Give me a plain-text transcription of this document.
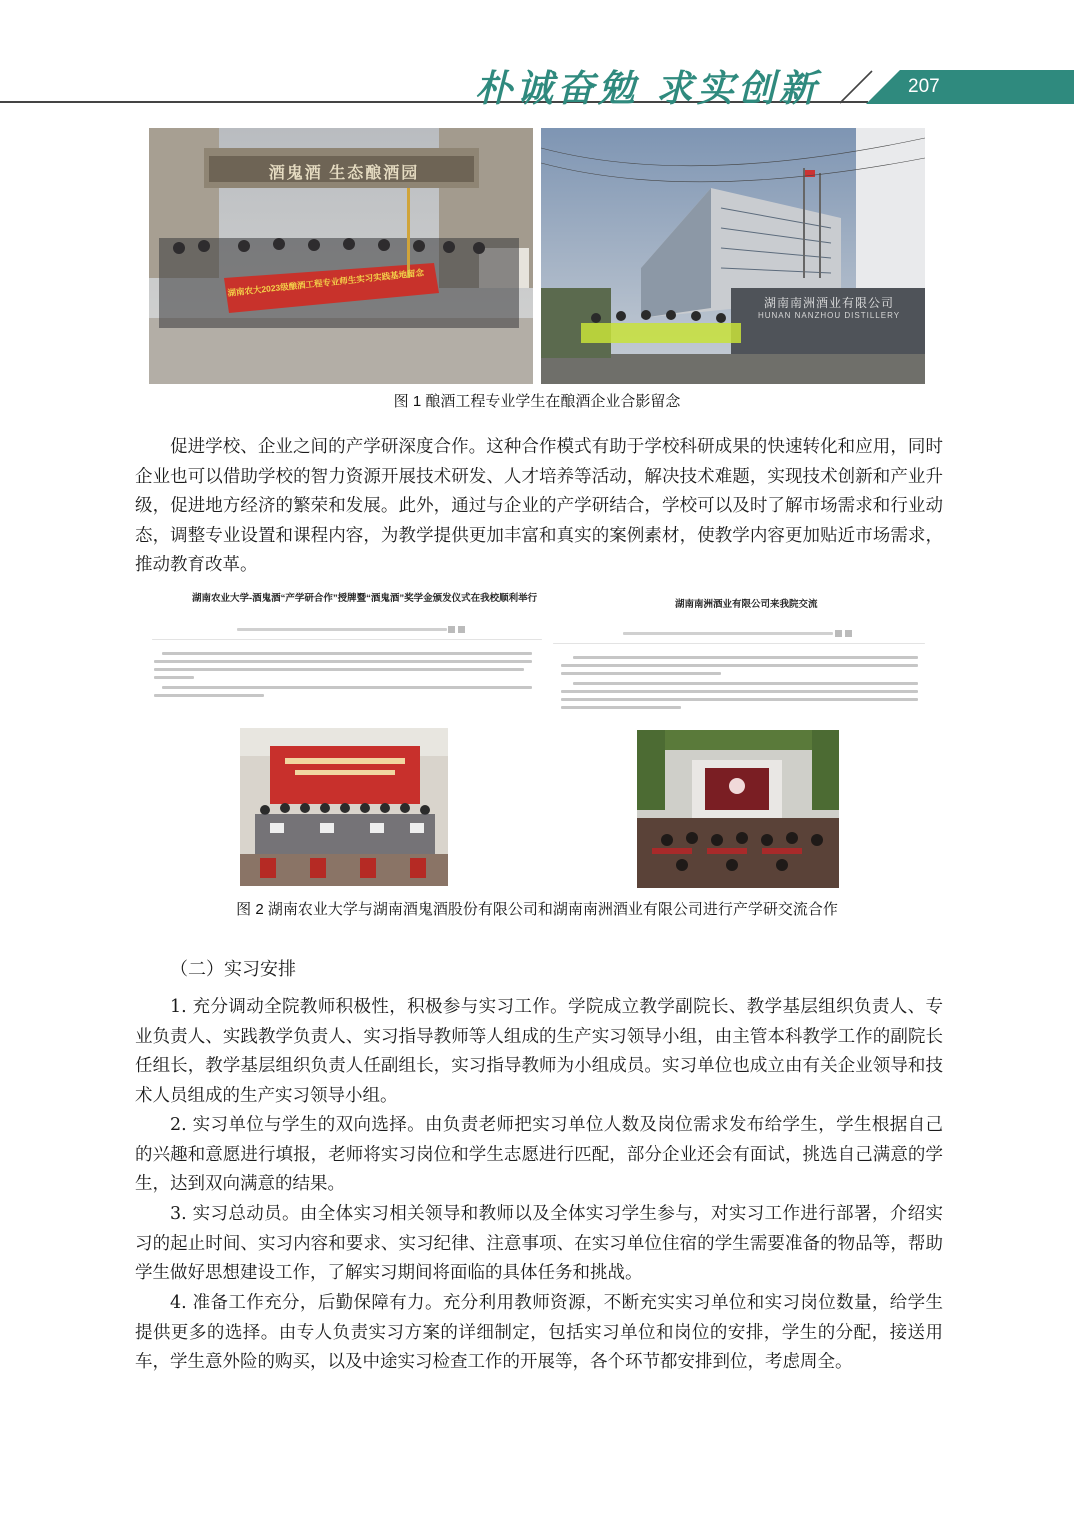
朴诚奋勉 求实创新	207
酒鬼酒 生态酿酒园
湖南农大2023级酿酒工程专业师生实习实践基地留念
湖南南洲酒业有限公司
HUNAN NANZHOU DISTILLERY
图 1 酿酒工程专业学生在酿酒企业合影留念

促进学校、企业之间的产学研深度合作。这种合作模式有助于学校科研成果的快速转化和应用，同时企业也可以借助学校的智力资源开展技术研发、人才培养等活动，解决技术难题，实现技术创新和产业升级，促进地方经济的繁荣和发展。此外，通过与企业的产学研结合，学校可以及时了解市场需求和行业动态，调整专业设置和课程内容，为教学提供更加丰富和真实的案例素材，使教学内容更加贴近市场需求，推动教育改革。

湖南农业大学-酒鬼酒“产学研合作”授牌暨“酒鬼酒”奖学金颁发仪式在我校顺利举行
湖南南洲酒业有限公司来我院交流
图 2 湖南农业大学与湖南酒鬼酒股份有限公司和湖南南洲酒业有限公司进行产学研交流合作
（二）实习安排

1. 充分调动全院教师积极性，积极参与实习工作。学院成立教学副院长、教学基层组织负责人、专业负责人、实践教学负责人、实习指导教师等人组成的生产实习领导小组，由主管本科教学工作的副院长任组长，教学基层组织负责人任副组长，实习指导教师为小组成员。实习单位也成立由有关企业领导和技术人员组成的生产实习领导小组。

2. 实习单位与学生的双向选择。由负责老师把实习单位人数及岗位需求发布给学生，学生根据自己的兴趣和意愿进行填报，老师将实习岗位和学生志愿进行匹配，部分企业还会有面试，挑选自己满意的学生，达到双向满意的结果。

3. 实习总动员。由全体实习相关领导和教师以及全体实习学生参与，对实习工作进行部署，介绍实习的起止时间、实习内容和要求、实习纪律、注意事项、在实习单位住宿的学生需要准备的物品等，帮助学生做好思想建设工作，了解实习期间将面临的具体任务和挑战。

4. 准备工作充分，后勤保障有力。充分利用教师资源，不断充实实习单位和实习岗位数量，给学生提供更多的选择。由专人负责实习方案的详细制定，包括实习单位和岗位的安排，学生的分配，接送用车，学生意外险的购买，以及中途实习检查工作的开展等，各个环节都安排到位，考虑周全。
